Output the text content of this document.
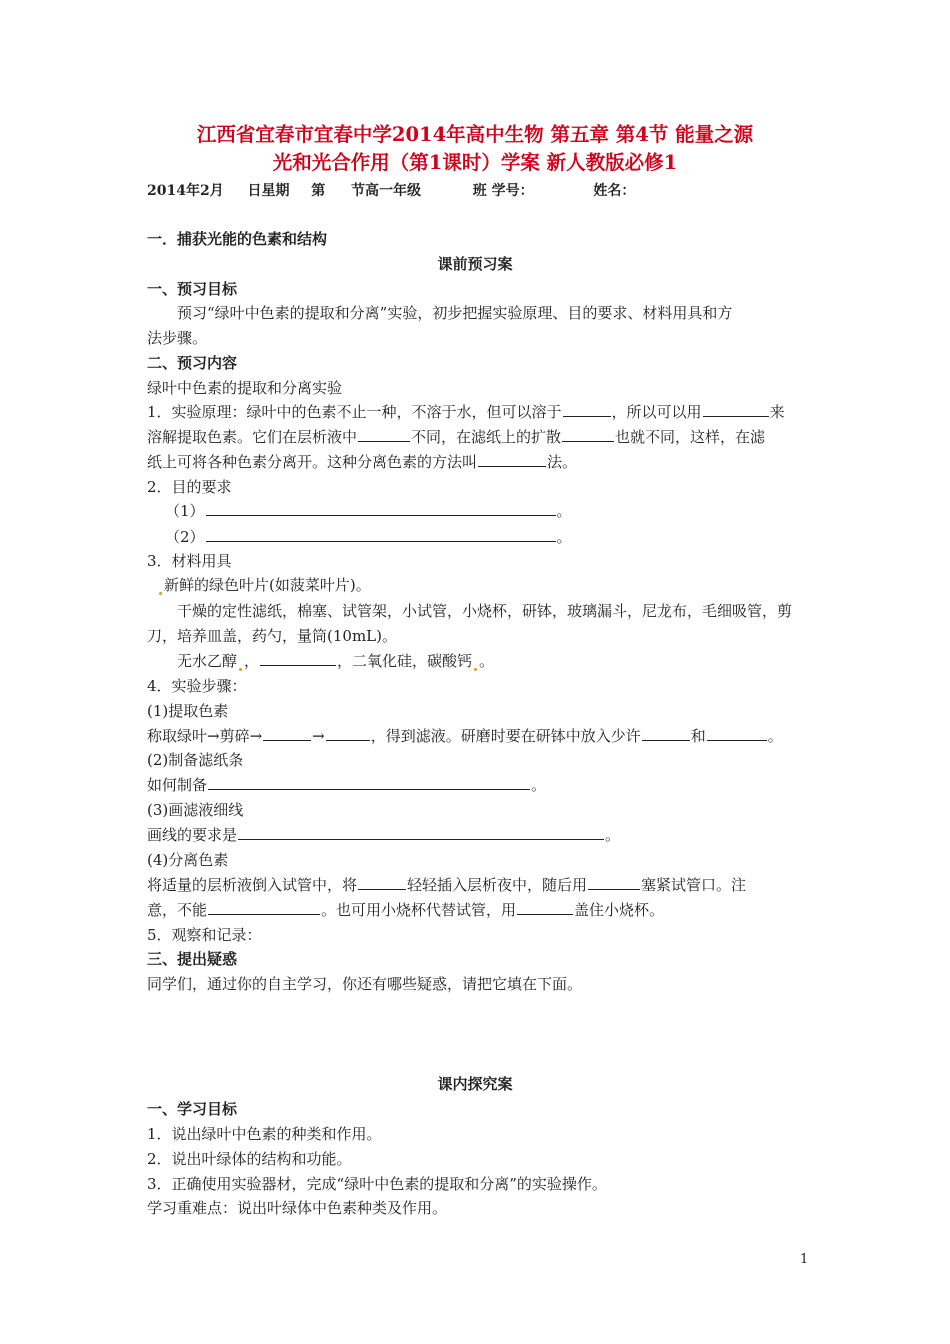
江西省宜春市宜春中学2014年高中生物 第五章 第4节 能量之源
光和光合作用（第1课时）学案 新人教版必修1
2014年2月 日星期 第 节高一年级	班 学号：	姓名：
一．捕获光能的色素和结构
课前预习案
一、预习目标
预习“绿叶中色素的提取和分离”实验，初步把握实验原理、目的要求、材料用具和方
法步骤。
二、预习内容
绿叶中色素的提取和分离实验
1．实验原理：绿叶中的色素不止一种，不溶于水，但可以溶于	，所以可以用	来
溶解提取色素。它们在层析液中	不同，在滤纸上的扩散	也就不同，这样，在滤
纸上可将各种色素分离开。这种分离色素的方法叫	法。
2．目的要求
（1）	。
（2）	。
3．材料用具
新鲜的绿色叶片(如菠菜叶片)。
干燥的定性滤纸，棉塞、试管架，小试管，小烧杯，研钵，玻璃漏斗，尼龙布，毛细吸管，剪
刀，培养皿盖，药勺，量筒(10mL)。
无水乙醇 ，	，二氧化硅，碳酸钙 。
4．实验步骤：
(1)提取色素
称取绿叶→剪碎→	→	，得到滤液。研磨时要在研钵中放入少许	和	。
(2)制备滤纸条
如何制备	。
(3)画滤液细线
画线的要求是	。
(4)分离色素
将适量的层析液倒入试管中，将	轻轻插入层析夜中，随后用	塞紧试管口。注
意，不能	。也可用小烧杯代替试管，用	盖住小烧杯。
5．观察和记录：
三、提出疑惑
同学们，通过你的自主学习，你还有哪些疑惑，请把它填在下面。
课内探究案
一、学习目标
1．说出绿叶中色素的种类和作用。
2．说出叶绿体的结构和功能。
3．正确使用实验器材，完成“绿叶中色素的提取和分离”的实验操作。
学习重难点：说出叶绿体中色素种类及作用。
1
